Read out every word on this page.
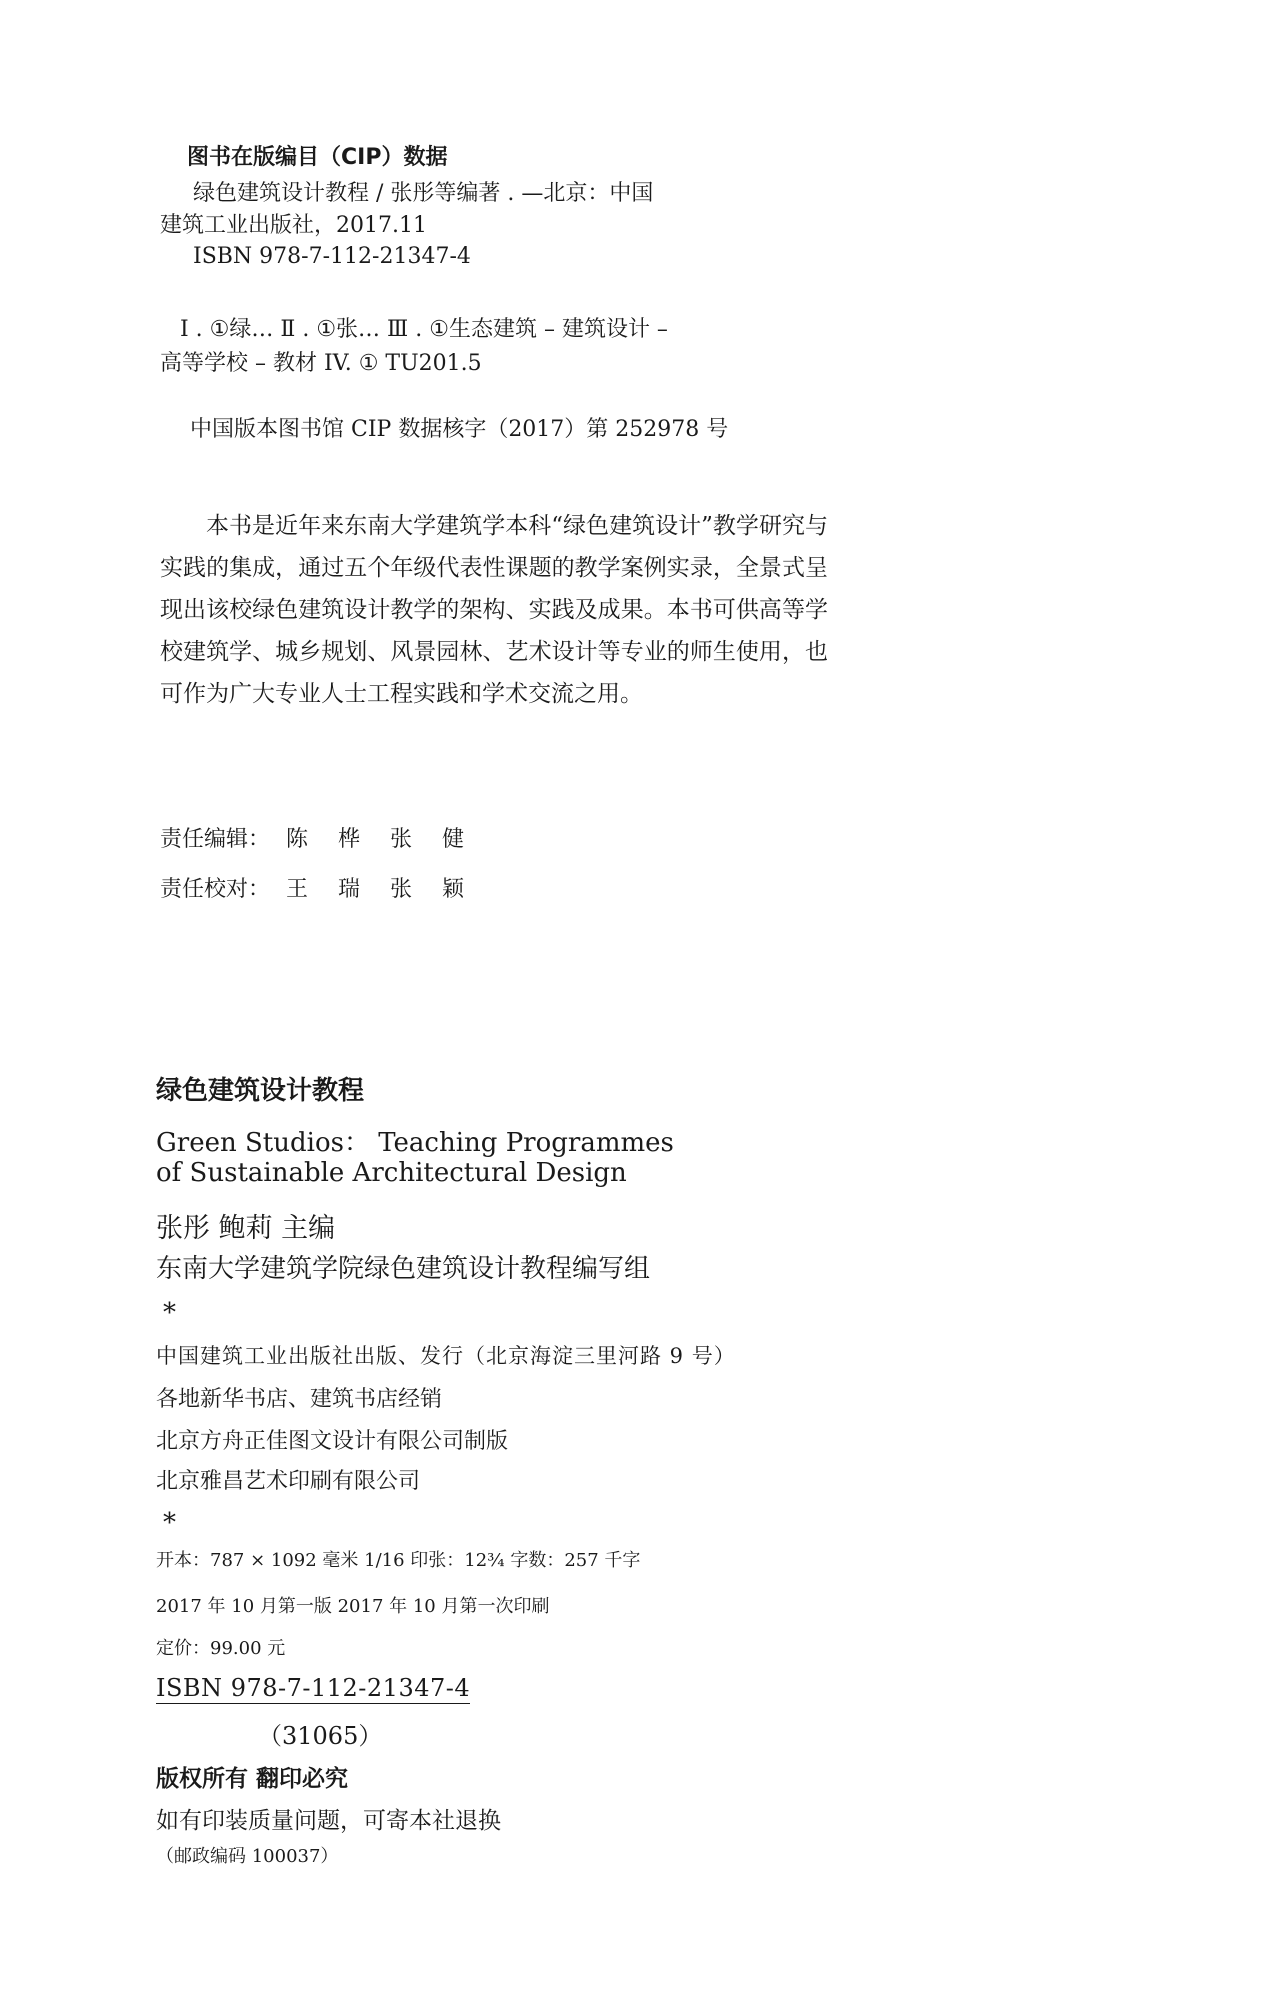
图书在版编目（CIP）数据
绿色建筑设计教程 / 张彤等编著 . —北京：中国
建筑工业出版社，2017.11
ISBN 978-7-112-21347-4
Ⅰ . ①绿… Ⅱ . ①张… Ⅲ . ①生态建筑 – 建筑设计 –
高等学校 – 教材 IV. ① TU201.5
中国版本图书馆 CIP 数据核字（2017）第 252978 号
本书是近年来东南大学建筑学本科“绿色建筑设计”教学研究与实践的集成，通过五个年级代表性课题的教学案例实录，全景式呈现出该校绿色建筑设计教学的架构、实践及成果。本书可供高等学校建筑学、城乡规划、风景园林、艺术设计等专业的师生使用，也可作为广大专业人士工程实践和学术交流之用。
责任编辑： 陈 桦 张 健
责任校对： 王 瑞 张 颖
绿色建筑设计教程
Green Studios： Teaching Programmes
of Sustainable Architectural Design
张彤 鲍莉 主编
东南大学建筑学院绿色建筑设计教程编写组
*
中国建筑工业出版社出版、发行（北京海淀三里河路 9 号）
各地新华书店、建筑书店经销
北京方舟正佳图文设计有限公司制版
北京雅昌艺术印刷有限公司
*
开本：787 × 1092 毫米 1/16 印张：12¾ 字数：257 千字
2017 年 10 月第一版 2017 年 10 月第一次印刷
定价：99.00 元
ISBN 978-7-112-21347-4
（31065）
版权所有 翻印必究
如有印装质量问题，可寄本社退换
（邮政编码 100037）
